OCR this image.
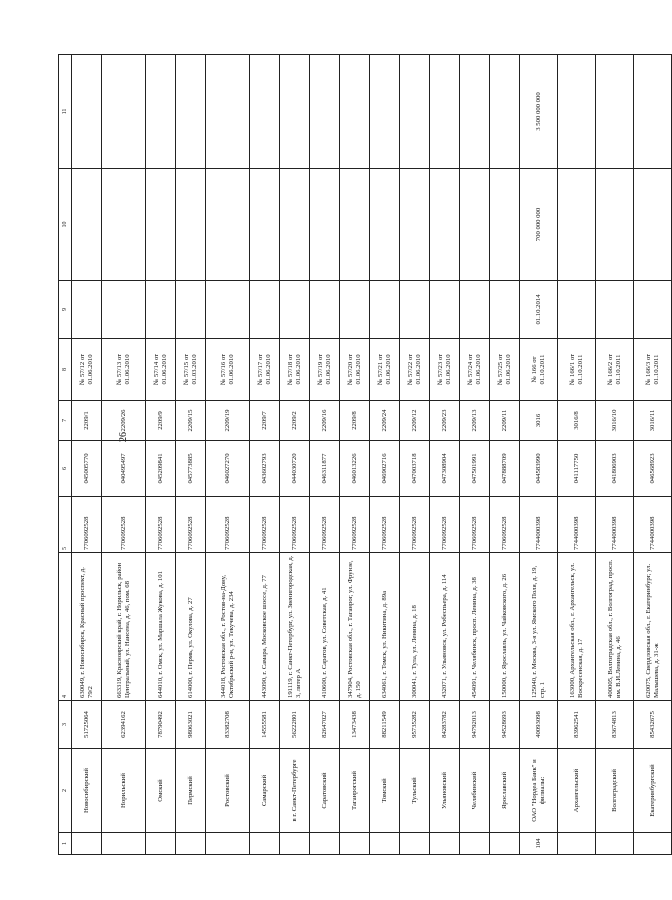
26
1	2	3	4	5	6	7	8	9	10	11
	Новосибирский	51725064	630049, г. Новосибирск, Красный проспект, д. 79/2	7706092528	045005770	2209/1	№ 57/12 от 01.06.2010			
	Норильский	62394162	663319, Красноярский край, г. Норильск, район Центральный, ул. Нансена, д. 46, пом. 68	7706092528	040495497	2209/26	№ 57/13 от 01.06.2010			
	Омский	78790492	644010, г. Омск, ул. Маршала Жукова, д. 101	7706092528	045209841	2209/9	№ 57/14 от 01.06.2010			
	Пермский	98063021	614000, г. Пермь, ул. Окулова, д. 27	7706092528	045773885	2209/15	№ 57/15 от 01.03.2010			
	Ростовский	83382708	344018, Ростовская обл., г. Ростов-на-Дону, Октябрьский р-н, ул. Текучева, д. 234	7706092528	046027270	2209/19	№ 57/16 от 01.06.2010			
	Самарский	14555581	443090, г. Самара, Московское шоссе, д. 77	7706092528	043602793	2209/7	№ 57/17 от 01.06.2010			
	в г. Санкт-Петербурге	56222801	191119, г. Санкт-Петербург, ул. Звенигородская, д. 3, литер А	7706092528	044030720	2209/2	№ 57/18 от 01.06.2010			
	Саратовский	82647027	410600, г. Саратов, ул. Советская, д. 41	7706092528	046311877	2209/16	№ 57/19 от 01.06.2010			
	Таганрогский	13473438	347904, Ростовская обл., г. Таганрог, ул. Фрунзе, д. 150	7706092528	046013226	2209/8	№ 57/20 от 01.06.2010			
	Томский	88211549	634061, г. Томск, ул. Никитина, д. 89а	7706092528	046902716	2209/24	№ 57/21 от 01.06.2010			
	Тульский	95735282	300041, г. Тула, ул. Ленина, д. 18	7706092528	047003718	2209/12	№ 57/22 от 01.06.2010			
	Ульяновский	84283782	432071, г. Ульяновск, ул. Робеспьера, д. 114	7706092528	047308904	2209/23	№ 57/23 от 01.06.2010			
	Челябинский	94792013	454091, г. Челябинск, просп. Ленина, д. 38	7706092528	047501991	2209/13	№ 57/24 от 01.06.2010			
	Ярославский	94528693	150000, г. Ярославль, ул. Чайковского, д. 26	7706092528	047888709	2209/11	№ 57/25 от 01.06.2010			
104	ОАО "Нордеа Банк" и филиалы:	40093098	125040, г. Москва, 3-я ул. Ямского Поля, д. 19, стр. 1	7744000398	044583990	3016	№ 166 от 01.10.2011	01.10.2014	700 000 000	3 500 000 000
	Архангельский	83962541	163000, Архангельская обл., г. Архангельск, ул. Воскресенская, д. 17	7744000398	041117750	3016/8	№ 166/1 от 01.10.2011			
	Волгоградский	83674813	400005, Волгоградская обл., г. Волгоград, просп. им. В.И.Ленина, д. 46	7744000398	041806903	3016/10	№ 166/2 от 01.10.2011			
	Екатеринбургский	85432675	620075, Свердловская обл., г. Екатеринбург, ул. Малышева, д. 31-ж	7744000398	046568923	3016/11	№ 166/3 от 01.10.2011			
